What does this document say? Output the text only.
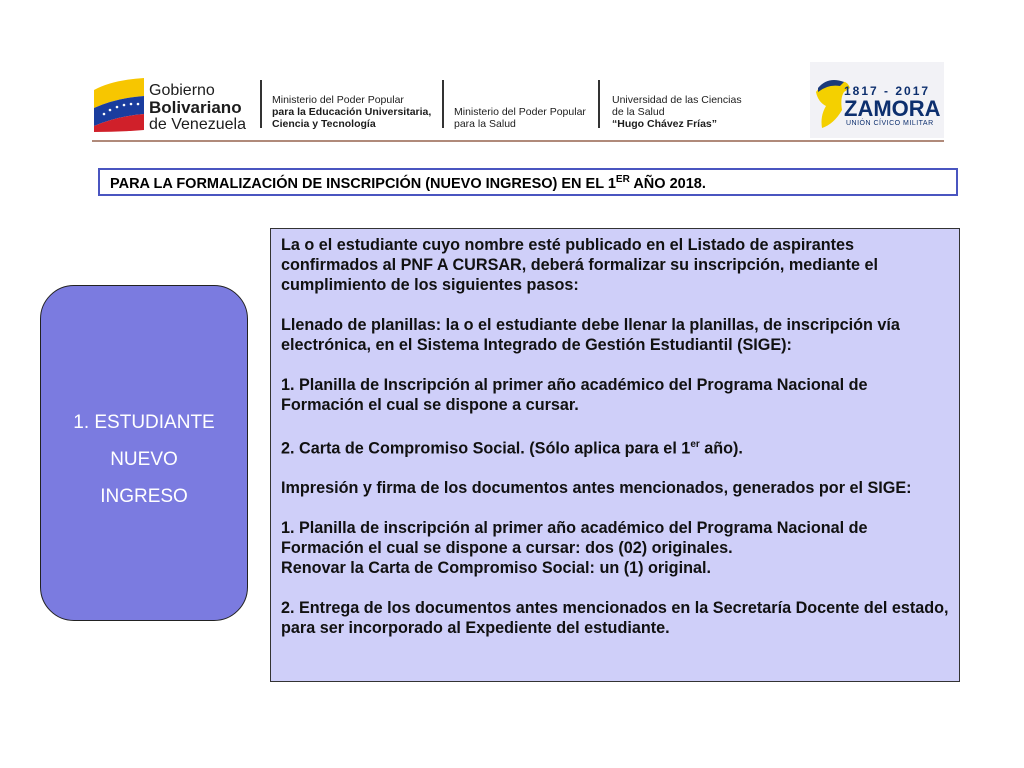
Gobierno
Bolivariano
de Venezuela
Ministerio del Poder Popular
para la Educación Universitaria,
Ciencia y Tecnología
Ministerio del Poder Popular
para la Salud
Universidad de las Ciencias
de la Salud
“Hugo Chávez Frías”
1817 - 2017
ZAMORA
UNIÓN CÍVICO MILITAR
PARA LA FORMALIZACIÓN DE INSCRIPCIÓN (NUEVO INGRESO) EN EL 1ER AÑO 2018.
1. ESTUDIANTE
NUEVO
INGRESO

La o el estudiante cuyo nombre esté publicado en el Listado de aspirantes confirmados al PNF A CURSAR, deberá formalizar su inscripción, mediante el cumplimiento de los siguientes pasos:

Llenado de planillas: la o el estudiante debe llenar la planillas, de inscripción vía electrónica, en el Sistema Integrado de Gestión Estudiantil (SIGE):

1. Planilla de Inscripción al primer año académico del Programa Nacional de Formación el cual se dispone a cursar.

2. Carta de Compromiso Social. (Sólo aplica para el 1er año).

Impresión y firma de los documentos antes mencionados, generados por el SIGE:

1. Planilla de inscripción al primer año académico del Programa Nacional de Formación el cual se dispone a cursar: dos (02) originales.

Renovar la Carta de Compromiso Social: un (1) original.

2. Entrega de los documentos antes mencionados en la Secretaría Docente del estado, para ser incorporado al Expediente del estudiante.
